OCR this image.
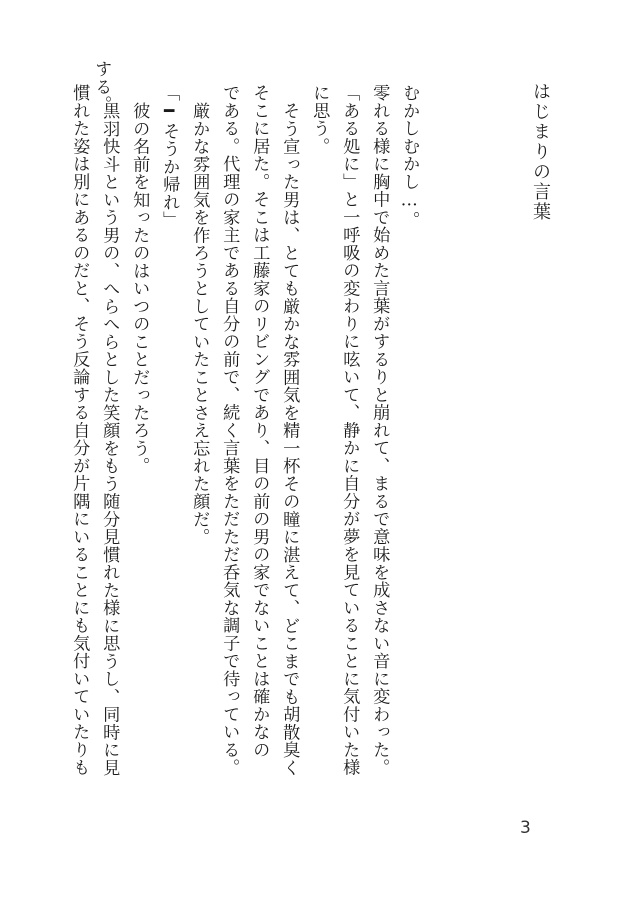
はじまりの言葉
むかしむかし…。
零れる様に胸中で始めた言葉がするりと崩れて、まるで意味を成さない音に変わった。
「ある処に」と一呼吸の変わりに呟いて、静かに自分が夢を見ていることに気付いた様
に思う。
そう宣った男は、とても厳かな雰囲気を精一杯その瞳に湛えて、どこまでも胡散臭く
そこに居た。そこは工藤家のリビングであり、目の前の男の家でないことは確かなの
である。代理の家主である自分の前で、続く言葉をただただ呑気な調子で待っている。
厳かな雰囲気を作ろうとしていたことさえ忘れた顔だ。
「━そうか帰れ」
彼の名前を知ったのはいつのことだったろう。
黒羽快斗という男の、へらへらとした笑顔をもう随分見慣れた様に思うし、同時に見
慣れた姿は別にあるのだと、そう反論する自分が片隅にいることにも気付いていたりも する。
3
